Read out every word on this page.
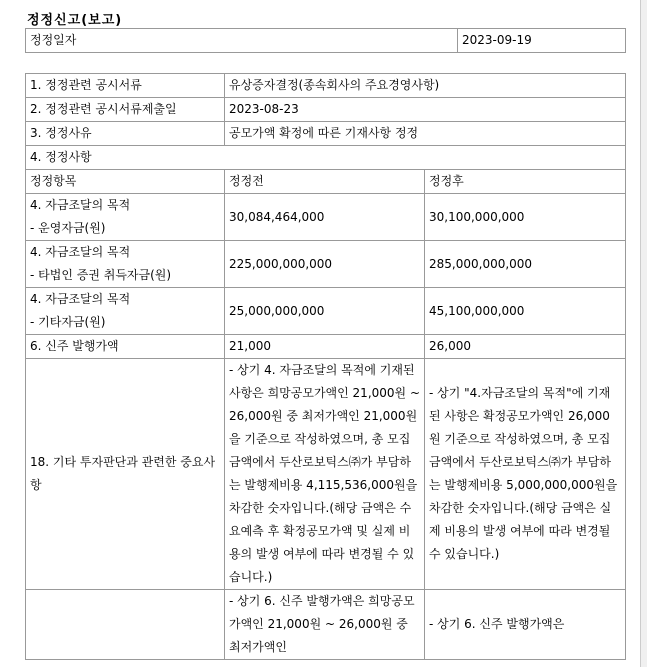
정정신고(보고)
정정일자	2023-09-19
1. 정정관련 공시서류	유상증자결정(종속회사의 주요경영사항)	
2. 정정관련 공시서류제출일	2023-08-23	
3. 정정사유	공모가액 확정에 따른 기재사항 정정	
4. 정정사항		
정정항목	정정전	정정후

4. 자금조달의 목적
- 운영자금(원)	30,084,464,000	30,100,000,000

4. 자금조달의 목적
- 타법인 증권 취득자금(원)	225,000,000,000	285,000,000,000

4. 자금조달의 목적
- 기타자금(원)	25,000,000,000	45,100,000,000
6. 신주 발행가액	21,000	26,000
18. 기타 투자판단과 관련한 중요사항	- 상기 4. 자금조달의 목적에 기재된 사항은 희망공모가액인 21,000원 ~ 26,000원 중 최저가액인 21,000원을 기준으로 작성하였으며, 총 모집 금액에서 두산로보틱스㈜가 부담하는 발행제비용 4,115,536,000원을 차감한 숫자입니다.(해당 금액은 수요예측 후 확정공모가액 및 실제 비용의 발생 여부에 따라 변경될 수 있습니다.)	- 상기 "4.자금조달의 목적"에 기재된 사항은 확정공모가액인 26,000원 기준으로 작성하였으며, 총 모집금액에서 두산로보틱스㈜가 부담하는 발행제비용 5,000,000,000원을 차감한 숫자입니다.(해당 금액은 실제 비용의 발생 여부에 따라 변경될 수 있습니다.)
	- 상기 6. 신주 발행가액은 희망공모가액인 21,000원 ~ 26,000원 중 최저가액인	- 상기 6. 신주 발행가액은
